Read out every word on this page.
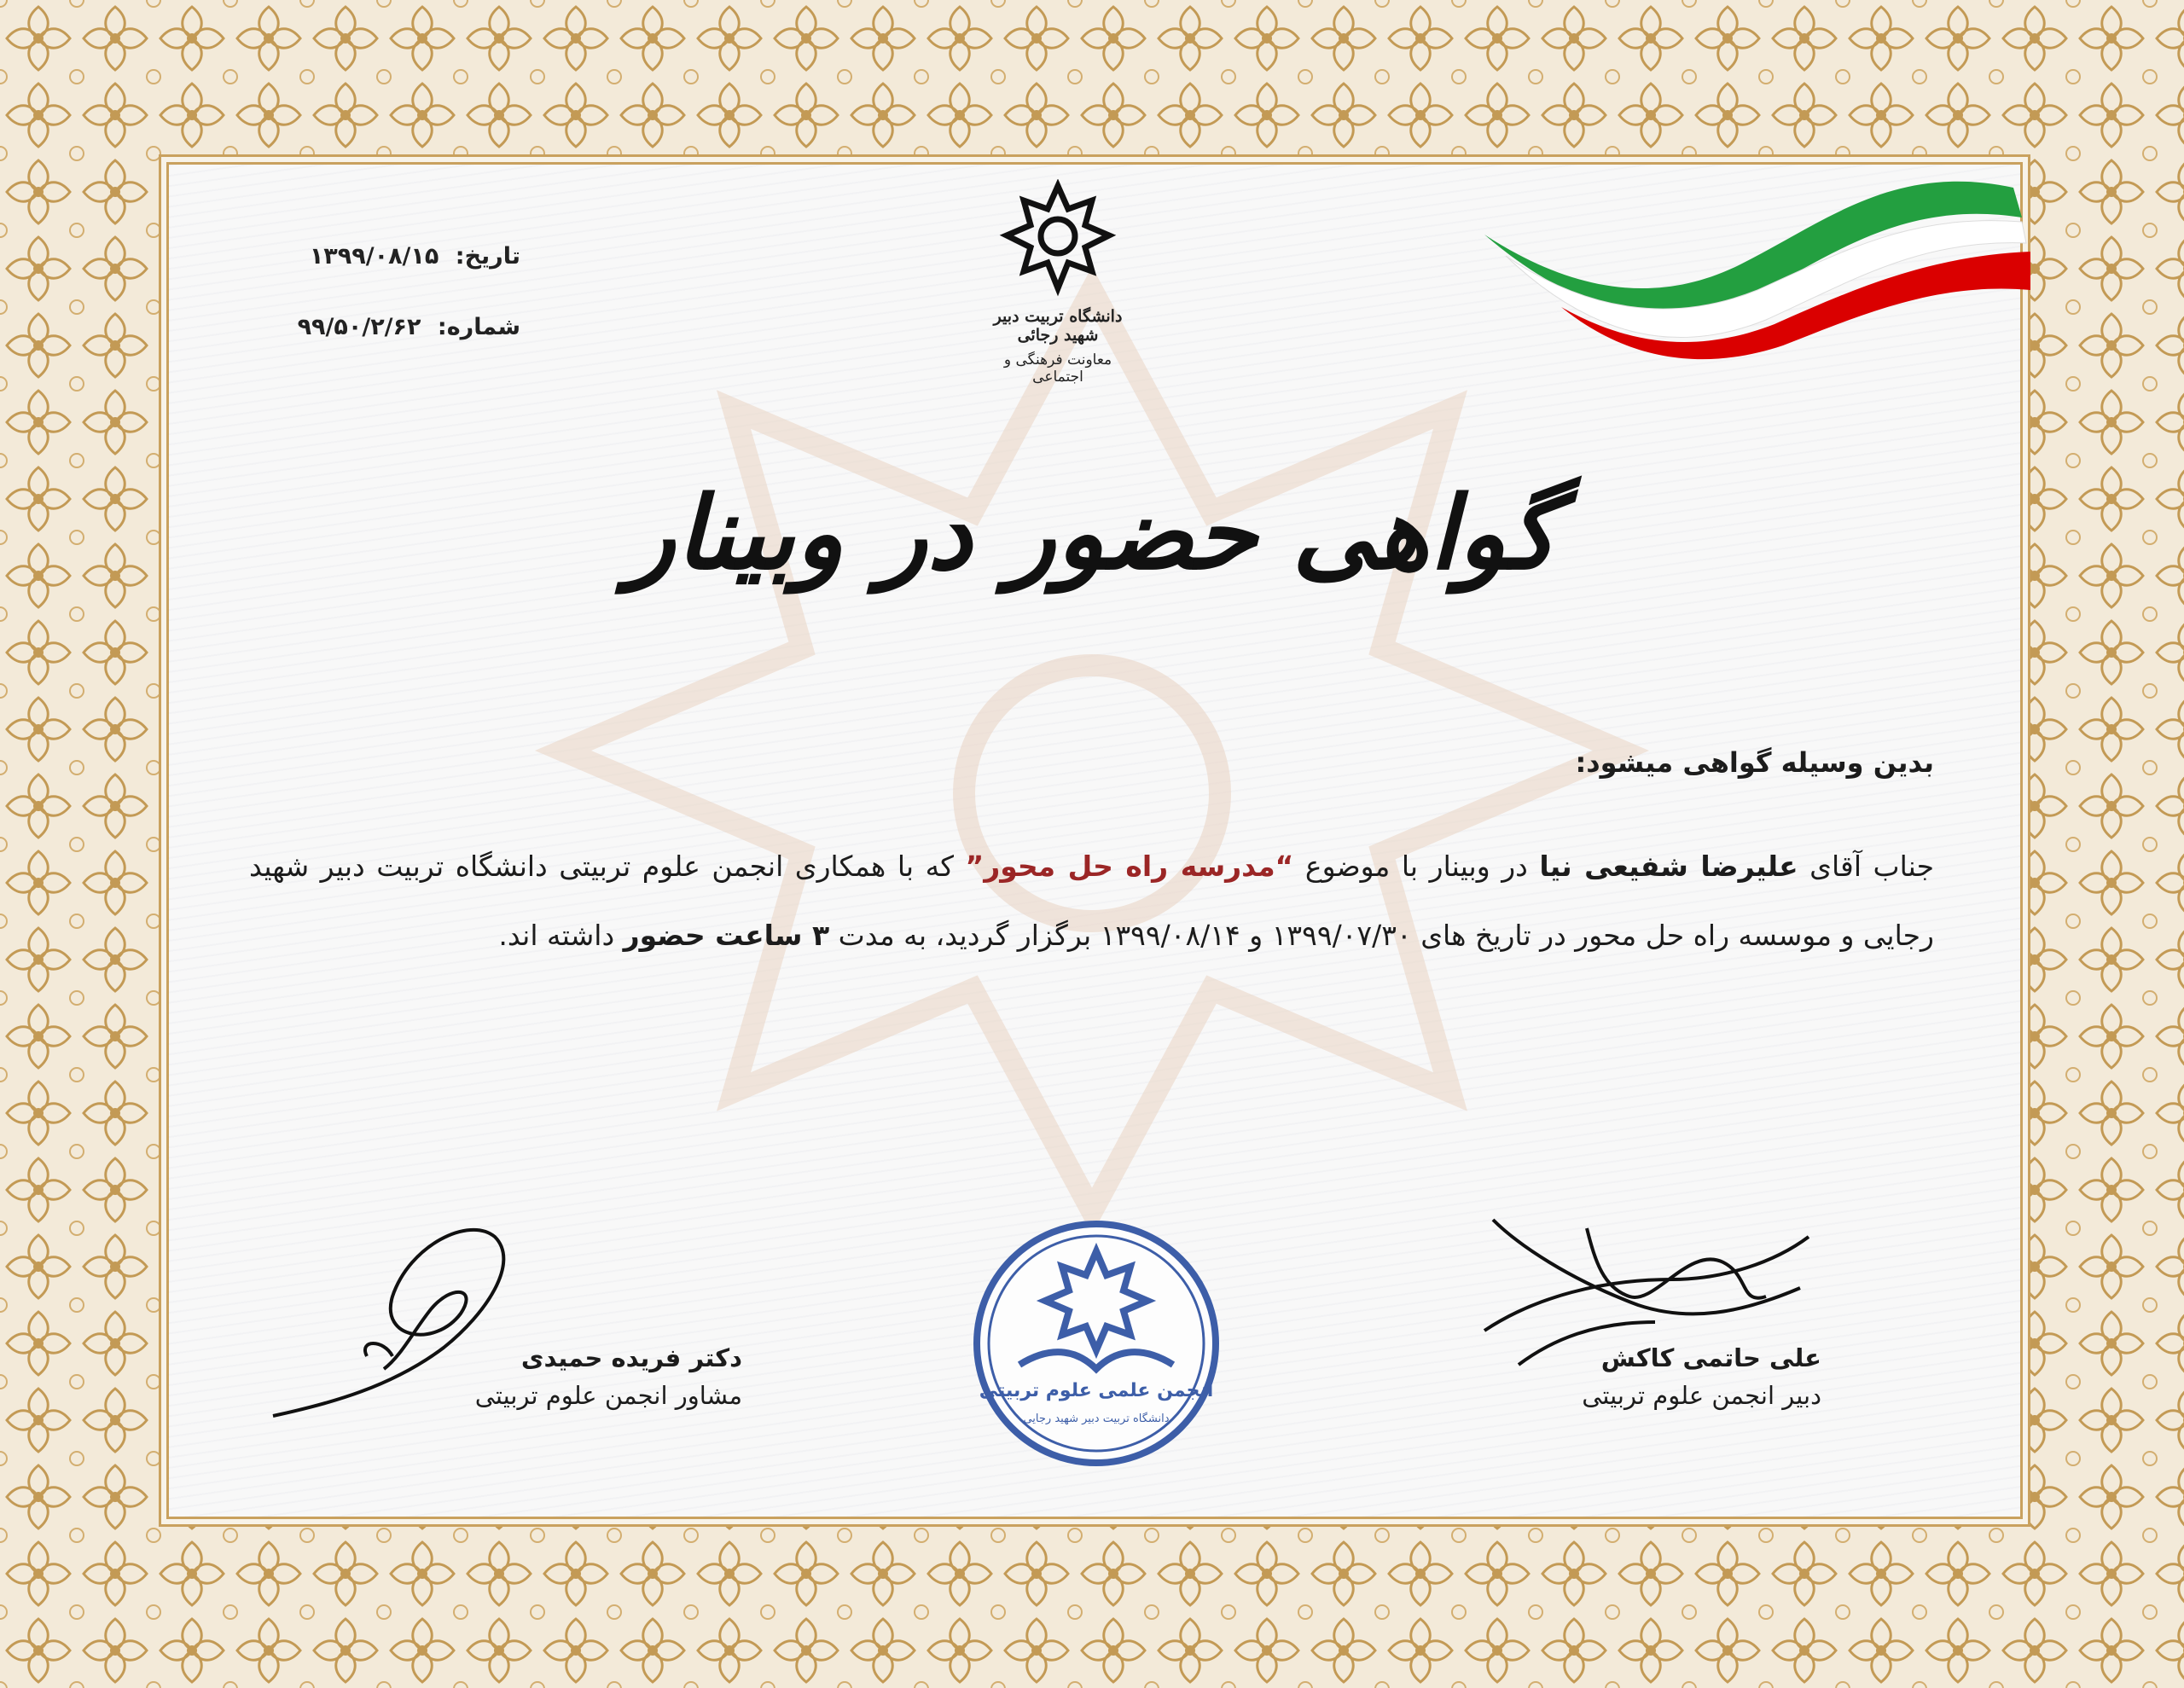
دانشگاه تربیت دبیر شهید رجائی
معاونت فرهنگی و اجتماعی
تاریخ: ۱۳۹۹/۰۸/۱۵
شماره: ۹۹/۵۰/۲/۶۲
گواهی حضور در وبینار
بدین وسیله گواهی میشود:
جناب آقای علیرضا شفیعی نیا در وبینار با موضوع “مدرسه راه حل محور” که با همکاری انجمن علوم تربیتی دانشگاه تربیت دبیر شهید رجایی و موسسه راه حل محور در تاریخ های ۱۳۹۹/۰۷/۳۰ و ۱۳۹۹/۰۸/۱۴ برگزار گردید، به مدت ۳ ساعت حضور داشته اند.
دکتر فریده حمیدی
مشاور انجمن علوم تربیتی
علی حاتمی کاکش
دبیر انجمن علوم تربیتی
انجمن علمی علوم تربیتی
دانشگاه تربیت دبیر شهید رجایی
